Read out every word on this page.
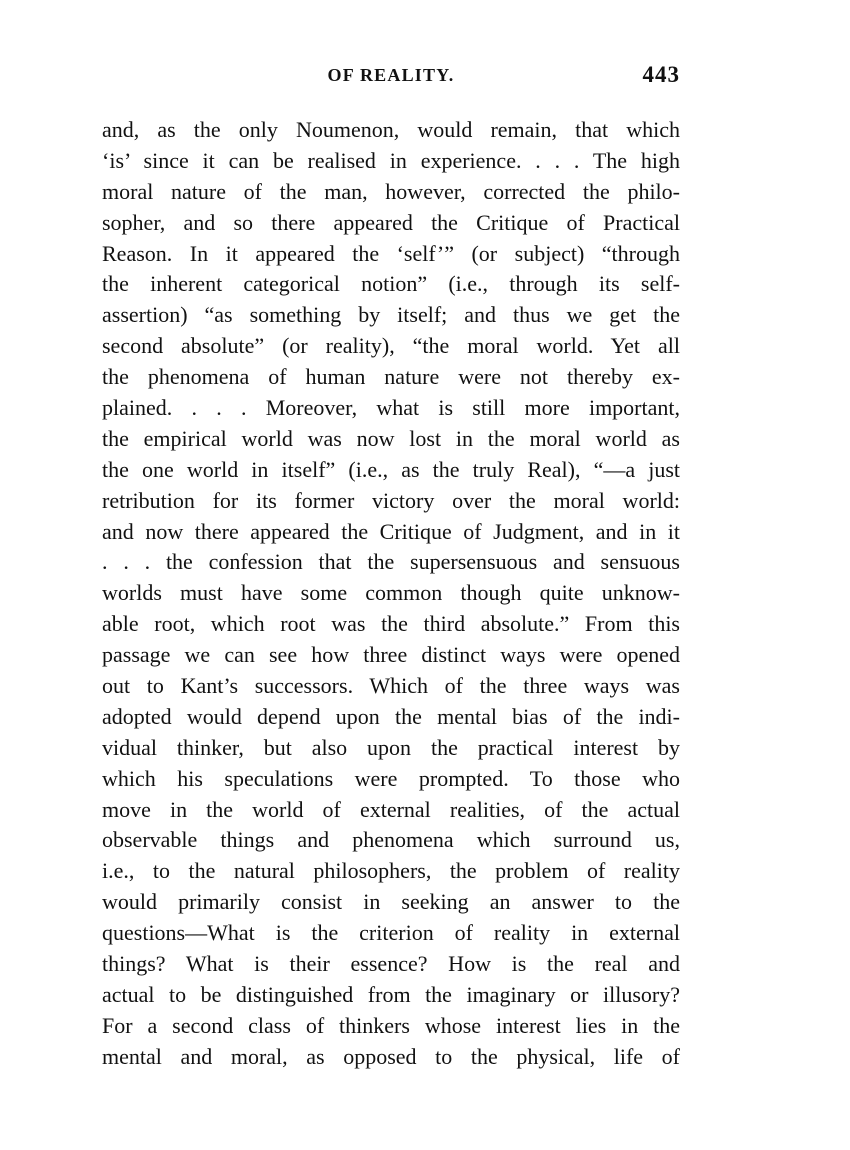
OF REALITY.	443
and, as the only Noumenon, would remain, that which
‘is’ since it can be realised in experience. . . . The high
moral nature of the man, however, corrected the philo-
sopher, and so there appeared the Critique of Practical
Reason. In it appeared the ‘self’” (or subject) “through
the inherent categorical notion” (i.e., through its self-
assertion) “as something by itself; and thus we get the
second absolute” (or reality), “the moral world. Yet all
the phenomena of human nature were not thereby ex-
plained. . . . Moreover, what is still more important,
the empirical world was now lost in the moral world as
the one world in itself” (i.e., as the truly Real), “—a just
retribution for its former victory over the moral world:
and now there appeared the Critique of Judgment, and in it
. . . the confession that the supersensuous and sensuous
worlds must have some common though quite unknow-
able root, which root was the third absolute.” From this
passage we can see how three distinct ways were opened
out to Kant’s successors. Which of the three ways was
adopted would depend upon the mental bias of the indi-
vidual thinker, but also upon the practical interest by
which his speculations were prompted. To those who
move in the world of external realities, of the actual
observable things and phenomena which surround us,
i.e., to the natural philosophers, the problem of reality
would primarily consist in seeking an answer to the
questions—What is the criterion of reality in external
things? What is their essence? How is the real and
actual to be distinguished from the imaginary or illusory?
For a second class of thinkers whose interest lies in the
mental and moral, as opposed to the physical, life of
